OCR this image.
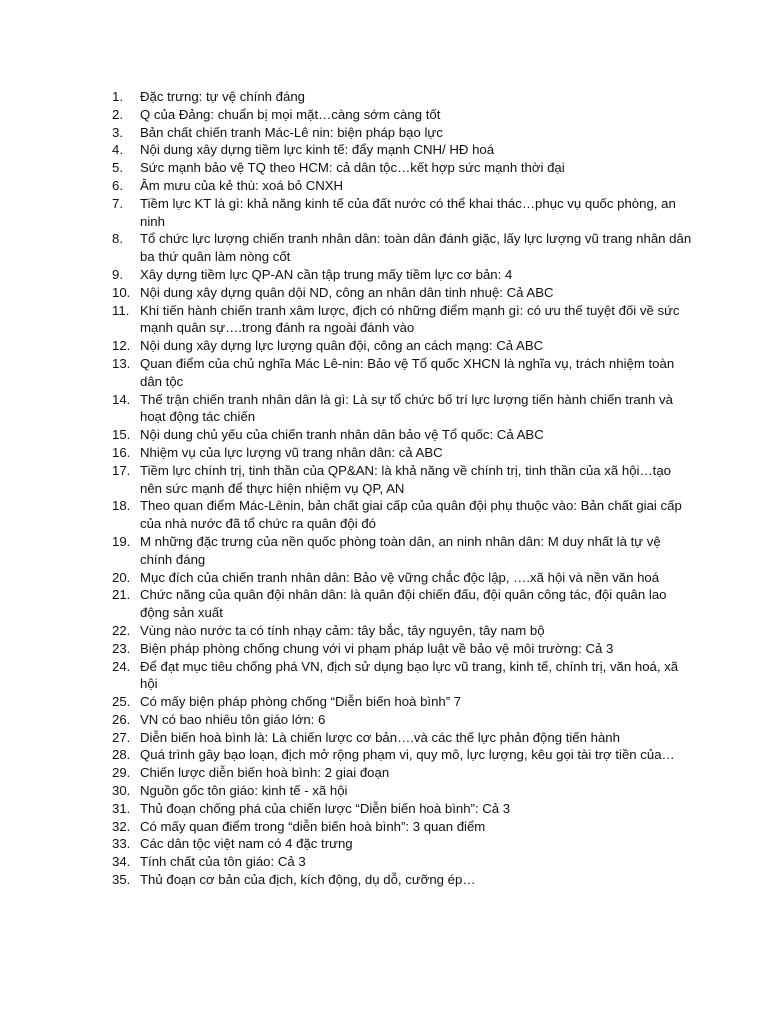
1.	Đặc trưng: tự vệ chính đáng
2.	Q của Đảng: chuẩn bị mọi mặt…càng sớm càng tốt
3.	Bản chất chiến tranh Mác-Lê nin: biện pháp bạo lực
4.	Nội dung xây dựng tiềm lực kinh tế: đẩy mạnh CNH/ HĐ hoá
5.	Sức mạnh bảo vệ TQ theo HCM: cả dân tộc…kết hợp sức mạnh thời đại
6.	Âm mưu của kẻ thù: xoá bỏ CNXH
7.	Tiềm lực KT là gì: khả năng kinh tế của đất nước có thể khai thác…phục vụ quốc phòng, an ninh
8.	Tổ chức lực lượng chiến tranh nhân dân: toàn dân đánh giặc, lấy lực lượng vũ trang nhân dân ba thứ quân làm nòng cốt
9.	Xây dựng tiềm lực QP-AN cần tập trung mấy tiềm lực cơ bản: 4
10. Nội dung xây dựng quân dội ND, công an nhân dân tinh nhuệ: Cả ABC
11. Khi tiến hành chiến tranh xâm lược, địch có những điểm mạnh gì: có ưu thế tuyệt đối về sức mạnh quân sự….trong đánh ra ngoài đánh vào
12. Nội dung xây dựng lực lượng quân đội, công an cách mạng: Cả ABC
13. Quan điểm của chủ nghĩa Mác Lê-nin: Bảo vệ Tổ quốc XHCN là nghĩa vụ, trách nhiệm toàn dân tộc
14. Thế trận chiến tranh nhân dân là gì: Là sự tổ chức bố trí lực lượng tiến hành chiến tranh và hoạt động tác chiến
15. Nội dung chủ yếu của chiến tranh nhân dân bảo vệ Tổ quốc: Cả ABC
16. Nhiệm vụ của lực lượng vũ trang nhân dân: cả ABC
17. Tiềm lực chính trị, tinh thần của QP&AN: là khả năng về chính trị, tinh thần của xã hội…tạo nên sức mạnh để thực hiện nhiệm vụ QP, AN
18. Theo quan điểm Mác-Lênin, bản chất giai cấp của quân đội phụ thuộc vào: Bản chất giai cấp của nhà nước đã tổ chức ra quân đội đó
19. M những đặc trưng của nền quốc phòng toàn dân, an ninh nhân dân: M duy nhất là tự vệ chính đáng
20. Mục đích của chiến tranh nhân dân: Bảo vệ vững chắc độc lập, ….xã hội và nền văn hoá
21. Chức năng của quân đội nhân dân: là quân đội chiến đấu, đội quân công tác, đội quân lao động sản xuất
22. Vùng nào nước ta có tính nhạy cảm: tây bắc, tây nguyên, tây nam bộ
23. Biện pháp phòng chống chung với vi phạm pháp luật về bảo vệ môi trường: Cả 3
24. Để đạt mục tiêu chống phá VN, địch sử dụng bạo lực vũ trang, kinh tế, chính trị, văn hoá, xã hội
25. Có mấy biện pháp phòng chống “Diễn biến hoà bình” 7
26. VN có bao nhiêu tôn giáo lớn: 6
27. Diễn biến hoà bình là: Là chiến lược cơ bản….và các thế lực phản động tiến hành
28. Quá trình gây bạo loạn, địch mở rộng phạm vi, quy mô, lực lượng, kêu gọi tài trợ tiền của…
29. Chiến lược diễn biến hoà bình: 2 giai đoạn
30. Nguồn gốc tôn giáo: kinh tế - xã hội
31. Thủ đoạn chống phá của chiến lược “Diễn biến hoà bình”: Cả 3
32. Có mấy quan điểm trong “diễn biến hoà bình”: 3 quan điểm
33. Các dân tộc việt nam có 4 đặc trưng
34. Tính chất của tôn giáo: Cả 3
35. Thủ đoạn cơ bản của địch, kích động, dụ dỗ, cưỡng ép…
